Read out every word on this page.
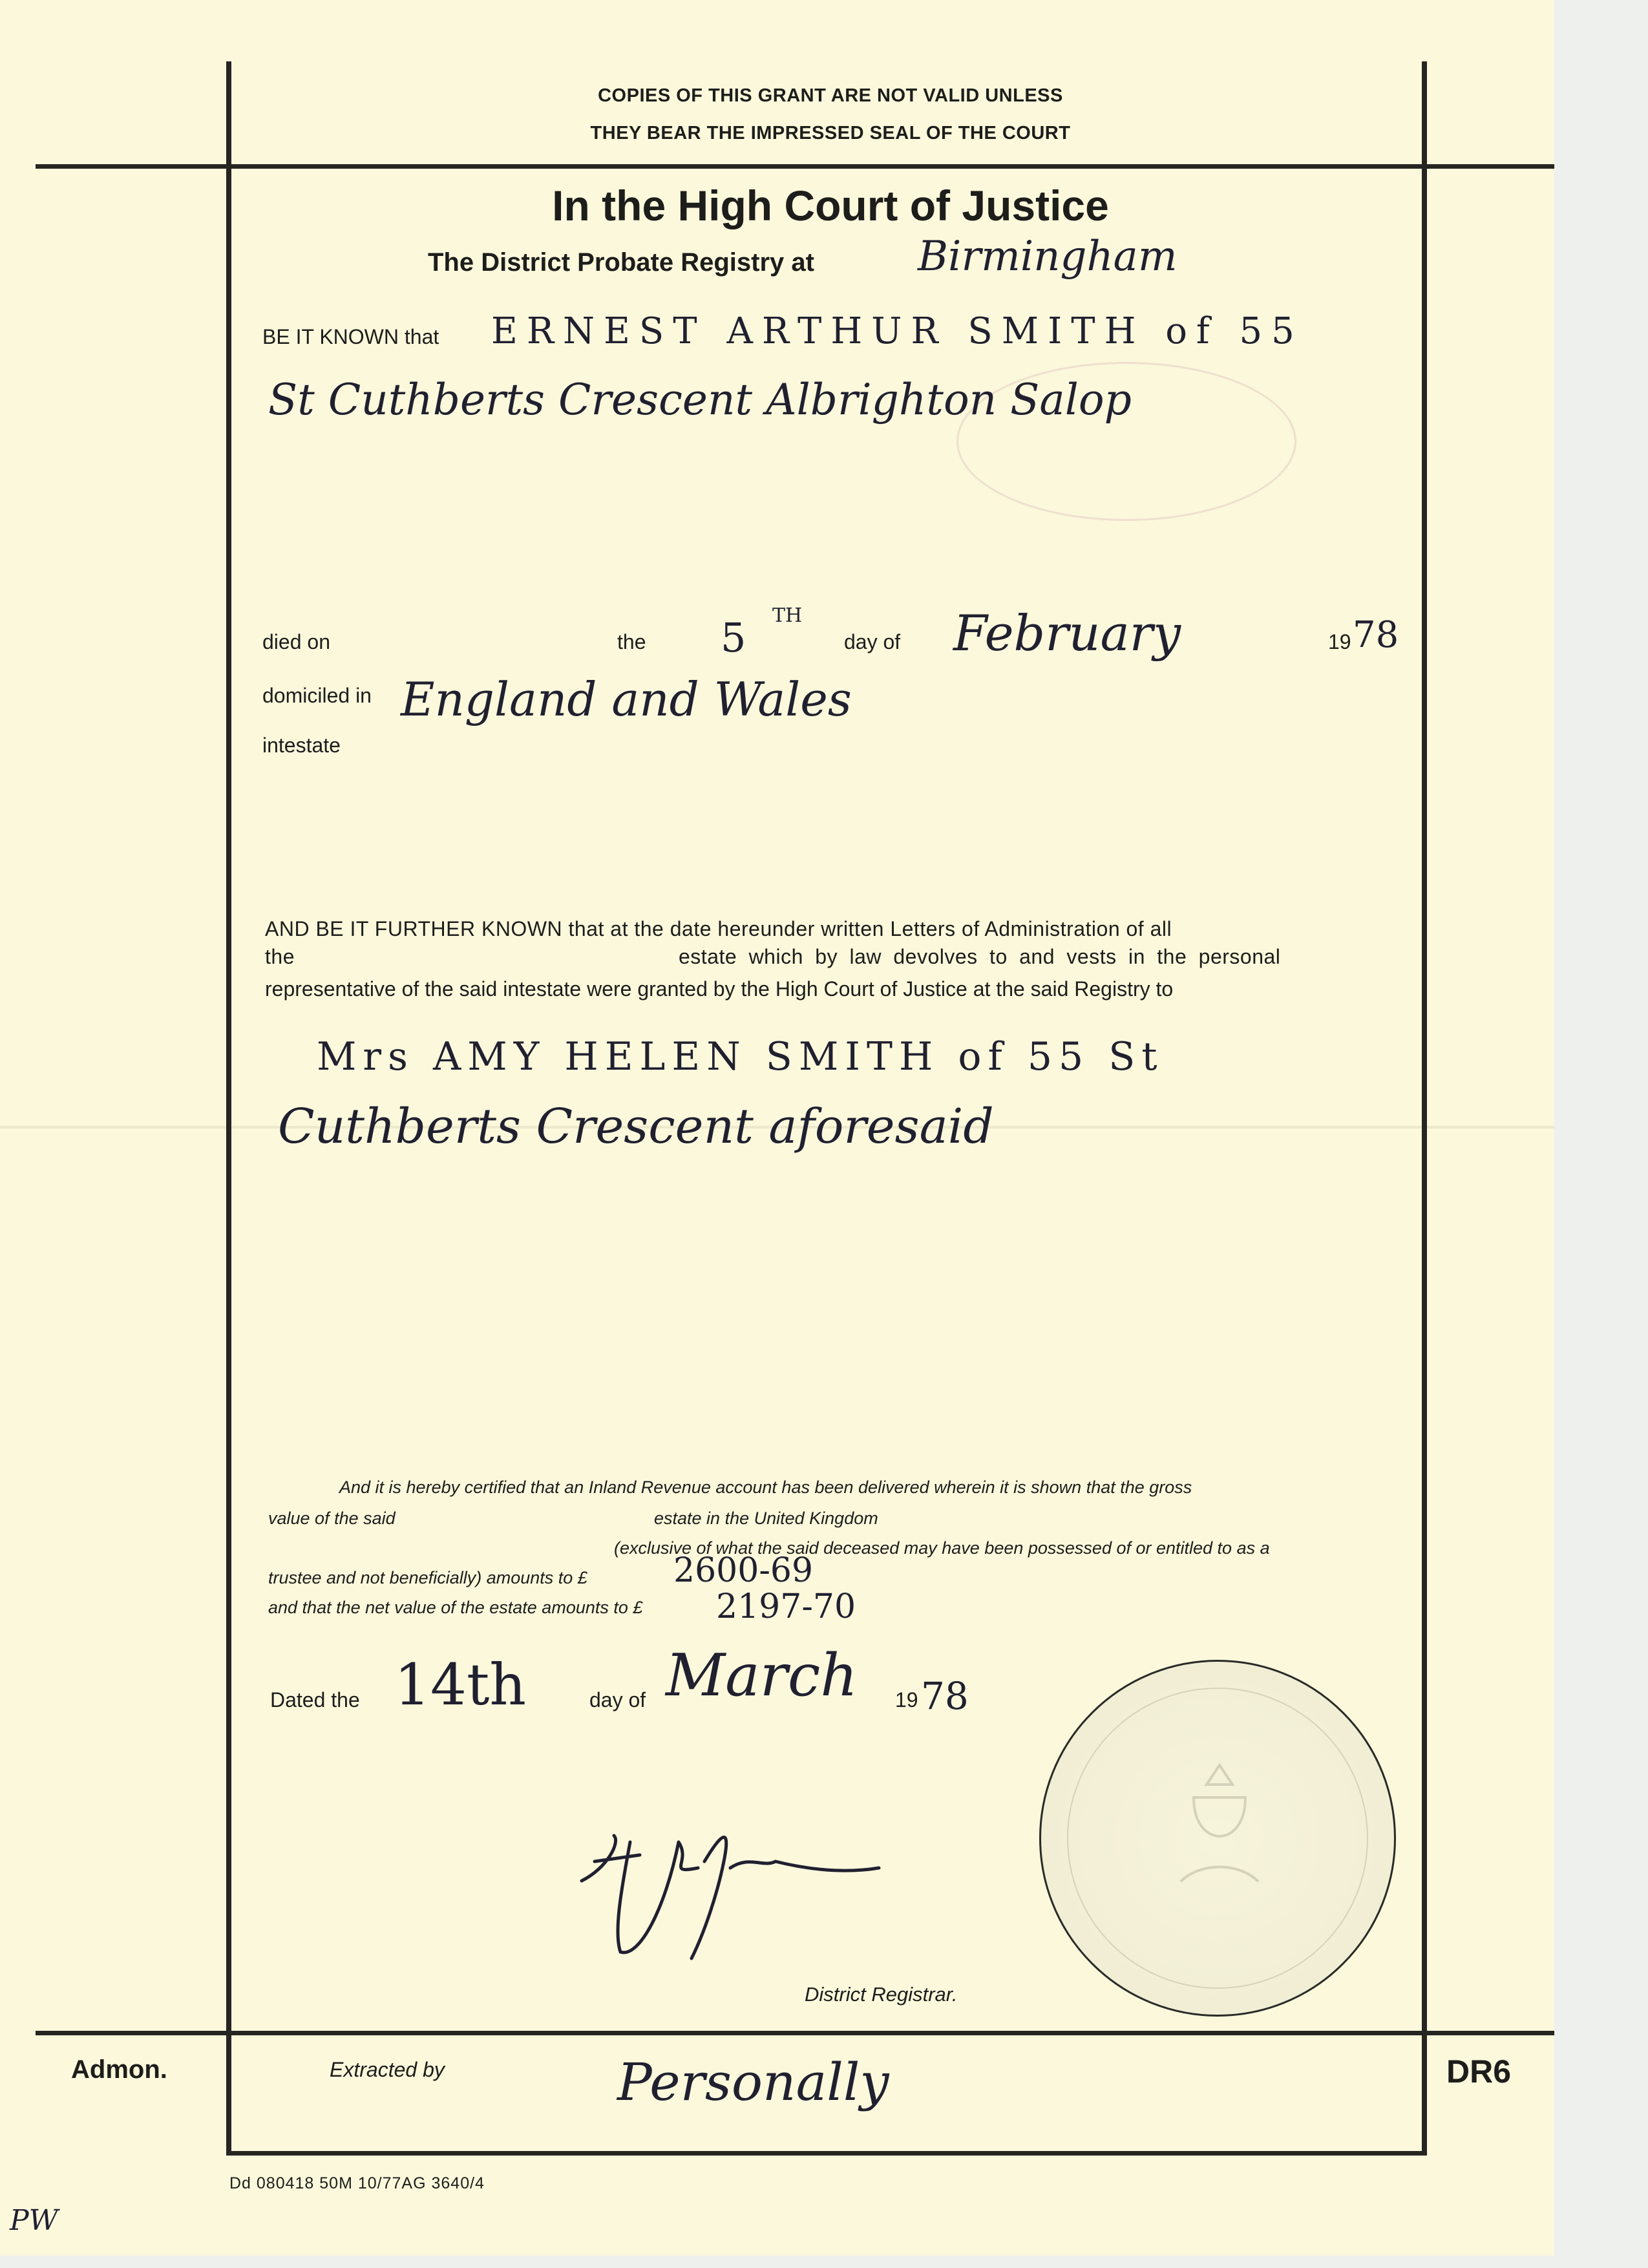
COPIES OF THIS GRANT ARE NOT VALID UNLESS
THEY BEAR THE IMPRESSED SEAL OF THE COURT
In the High Court of Justice
The District Probate Registry at	Birmingham
BE IT KNOWN that ERNEST ARTHUR SMITH of 55
St Cuthberts Crescent Albrighton Salop
died on	the 5 TH
day of February	19 78
domiciled in England and Wales
intestate
AND BE IT FURTHER KNOWN that at the date hereunder written Letters of Administration of all
the	estate which by law devolves to and vests in the personal
representative of the said intestate were granted by the High Court of Justice at the said Registry to
Mrs AMY HELEN SMITH of 55 St
Cuthberts Crescent aforesaid
And it is hereby certified that an Inland Revenue account has been delivered wherein it is shown that the gross
value of the said	estate in the United Kingdom
(exclusive of what the said deceased may have been possessed of or entitled to as a
trustee and not beneficially) amounts to £	2600-69
and that the net value of the estate amounts to £ 2197-70
Dated the 14th	day of March 19 78
District Registrar.
Admon.	Extracted by	Personally	DR6
Dd 080418 50M 10/77AG 3640/4
PW
